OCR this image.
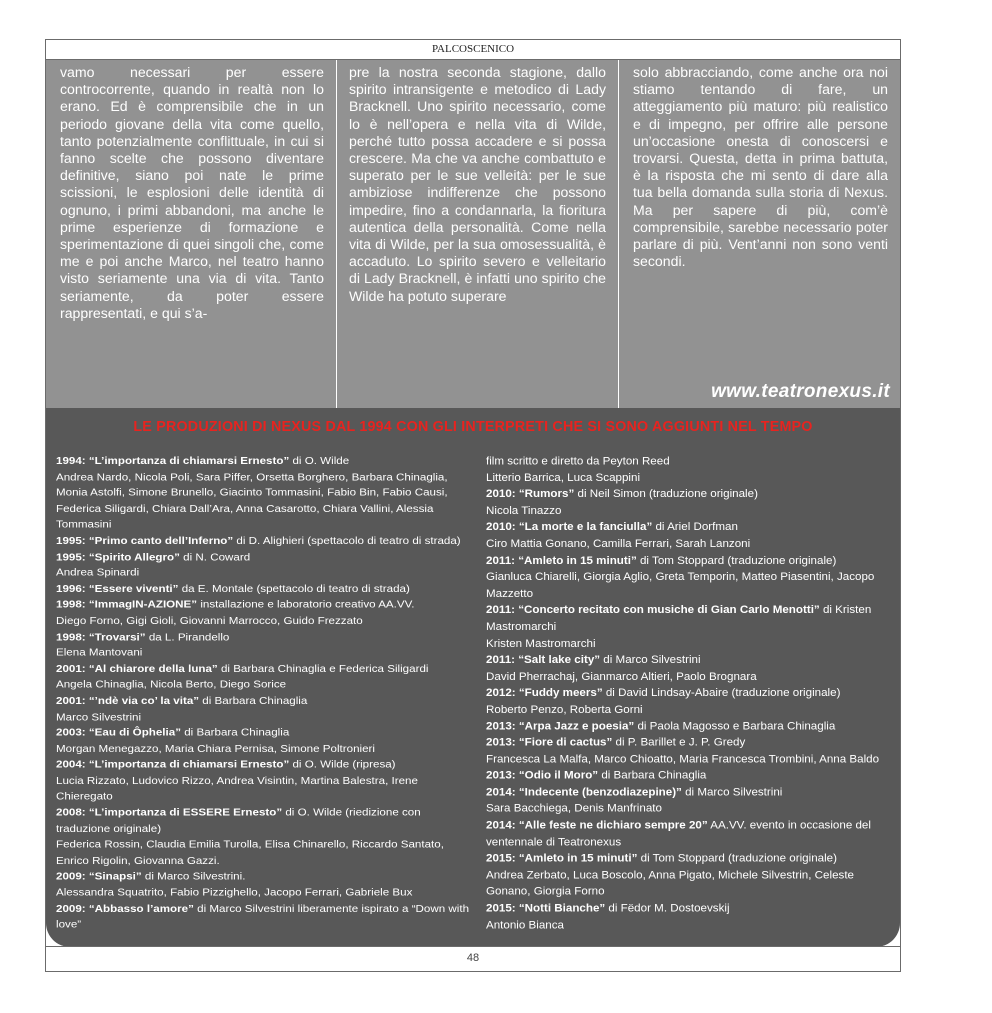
PALCOSCENICO

vamo necessari per essere controcorrente, quando in realtà non lo erano. Ed è comprensibile che in un periodo giovane della vita come quello, tanto potenzialmente conflittuale, in cui si fanno scelte che possono diventare definitive, siano poi nate le prime scissioni, le esplosioni delle identità di ognuno, i primi abbandoni, ma anche le prime esperienze di formazione e sperimentazione di quei singoli che, come me e poi anche Marco, nel teatro hanno visto seriamente una via di vita. Tanto seriamente, da poter essere rappresentati, e qui s’a-

pre la nostra seconda stagione, dallo spirito intransigente e metodico di Lady Bracknell. Uno spirito necessario, come lo è nell’opera e nella vita di Wilde, perché tutto possa accadere e si possa crescere. Ma che va anche combattuto e superato per le sue velleità: per le sue ambiziose indifferenze che possono impedire, fino a condannarla, la fioritura autentica della personalità. Come nella vita di Wilde, per la sua omosessualità, è accaduto. Lo spirito severo e velleitario di Lady Bracknell, è infatti uno spirito che Wilde ha potuto superare

solo abbracciando, come anche ora noi stiamo tentando di fare, un atteggiamento più maturo: più realistico e di impegno, per offrire alle persone un’occasione onesta di conoscersi e trovarsi. Questa, detta in prima battuta, è la risposta che mi sento di dare alla tua bella domanda sulla storia di Nexus. Ma per sapere di più, com’è comprensibile, sarebbe necessario poter parlare di più. Vent’anni non sono venti secondi.

www.teatronexus.it
LE PRODUZIONI DI NEXUS DAL 1994 CON GLI INTERPRETI CHE SI SONO AGGIUNTI NEL TEMPO

1994: “L’importanza di chiamarsi Ernesto” di O. Wilde

Andrea Nardo, Nicola Poli, Sara Piffer, Orsetta Borghero, Barbara Chinaglia, Monia Astolfi, Simone Brunello, Giacinto Tommasini, Fabio Bin, Fabio Causi, Federica Siligardi, Chiara Dall’Ara, Anna Casarotto, Chiara Vallini, Alessia Tommasini

1995: “Primo canto dell’Inferno” di D. Alighieri (spettacolo di teatro di strada)

1995: “Spirito Allegro” di N. Coward

Andrea Spinardi

1996: “Essere viventi” da E. Montale (spettacolo di teatro di strada)

1998: “ImmagIN-AZIONE” installazione e laboratorio creativo AA.VV.

Diego Forno, Gigi Gioli, Giovanni Marrocco, Guido Frezzato

1998: “Trovarsi” da L. Pirandello

Elena Mantovani

2001: “Al chiarore della luna” di Barbara Chinaglia e Federica Siligardi

Angela Chinaglia, Nicola Berto, Diego Sorice

2001: “’ndè via co’ la vita” di Barbara Chinaglia

Marco Silvestrini

2003: “Eau di Ôphelia” di Barbara Chinaglia

Morgan Menegazzo, Maria Chiara Pernisa, Simone Poltronieri

2004: “L’importanza di chiamarsi Ernesto” di O. Wilde (ripresa)

Lucia Rizzato, Ludovico Rizzo, Andrea Visintin, Martina Balestra, Irene Chieregato

2008: “L’importanza di ESSERE Ernesto” di O. Wilde (riedizione con traduzione originale)

Federica Rossin, Claudia Emilia Turolla, Elisa Chinarello, Riccardo Santato, Enrico Rigolin, Giovanna Gazzi.

2009: “Sinapsi” di Marco Silvestrini.

Alessandra Squatrito, Fabio Pizzighello, Jacopo Ferrari, Gabriele Bux

2009: “Abbasso l’amore” di Marco Silvestrini liberamente ispirato a “Down with love”

film scritto e diretto da Peyton Reed

Litterio Barrica, Luca Scappini

2010: “Rumors” di Neil Simon (traduzione originale)

Nicola Tinazzo

2010: “La morte e la fanciulla” di Ariel Dorfman

Ciro Mattia Gonano, Camilla Ferrari, Sarah Lanzoni

2011: “Amleto in 15 minuti” di Tom Stoppard (traduzione originale)

Gianluca Chiarelli, Giorgia Aglio, Greta Temporin, Matteo Piasentini, Jacopo Mazzetto

2011: “Concerto recitato con musiche di Gian Carlo Menotti” di Kristen Mastromarchi

Kristen Mastromarchi

2011: “Salt lake city” di Marco Silvestrini

David Pherrachaj, Gianmarco Altieri, Paolo Brognara

2012: “Fuddy meers” di David Lindsay-Abaire (traduzione originale)

Roberto Penzo, Roberta Gorni

2013: “Arpa Jazz e poesia” di Paola Magosso e Barbara Chinaglia

2013: “Fiore di cactus” di P. Barillet e J. P. Gredy

Francesca La Malfa, Marco Chioatto, Maria Francesca Trombini, Anna Baldo

2013: “Odio il Moro” di Barbara Chinaglia

2014: “Indecente (benzodiazepine)” di Marco Silvestrini

Sara Bacchiega, Denis Manfrinato

2014: “Alle feste ne dichiaro sempre 20” AA.VV. evento in occasione del ventennale di Teatronexus

2015: “Amleto in 15 minuti” di Tom Stoppard (traduzione originale)

Andrea Zerbato, Luca Boscolo, Anna Pigato, Michele Silvestrin, Celeste Gonano, Giorgia Forno

2015: “Notti Bianche” di Fëdor M. Dostoevskij

Antonio Bianca

48
